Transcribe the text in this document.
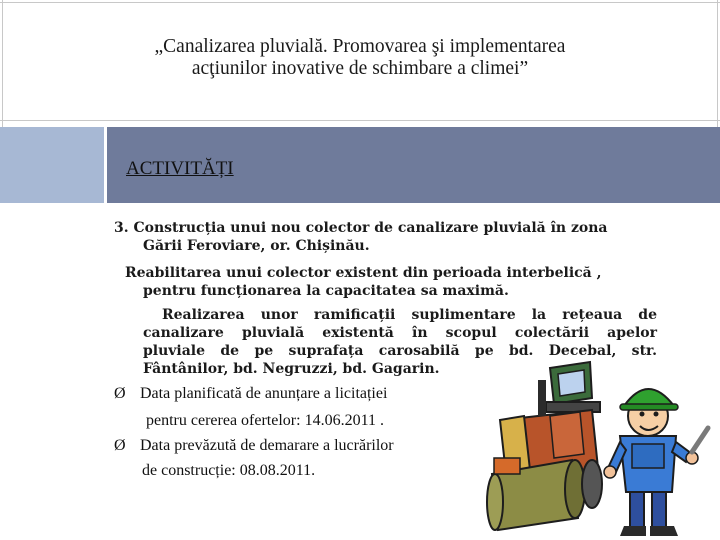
„Canalizarea pluvială. Promovarea şi implementarea
acţiunilor inovative de schimbare a climei”
ACTIVITĂȚI
3. Construcția unui nou colector de canalizare pluvială în zona
Gării Feroviare, or. Chișinău.
Reabilitarea unui colector existent din perioada interbelică ,
pentru funcționarea la capacitatea sa maximă.
Realizarea unor ramificații suplimentare la rețeaua de
canalizare pluvială existentă în scopul colectării apelor
pluviale de pe suprafața carosabilă pe bd. Decebal, str.
Fântânilor, bd. Negruzzi, bd. Gagarin.
Ø Data planificată de anunțare a licitației
pentru cererea ofertelor: 14.06.2011 .
Ø Data prevăzută de demarare a lucrărilor
de construcție: 08.08.2011.
